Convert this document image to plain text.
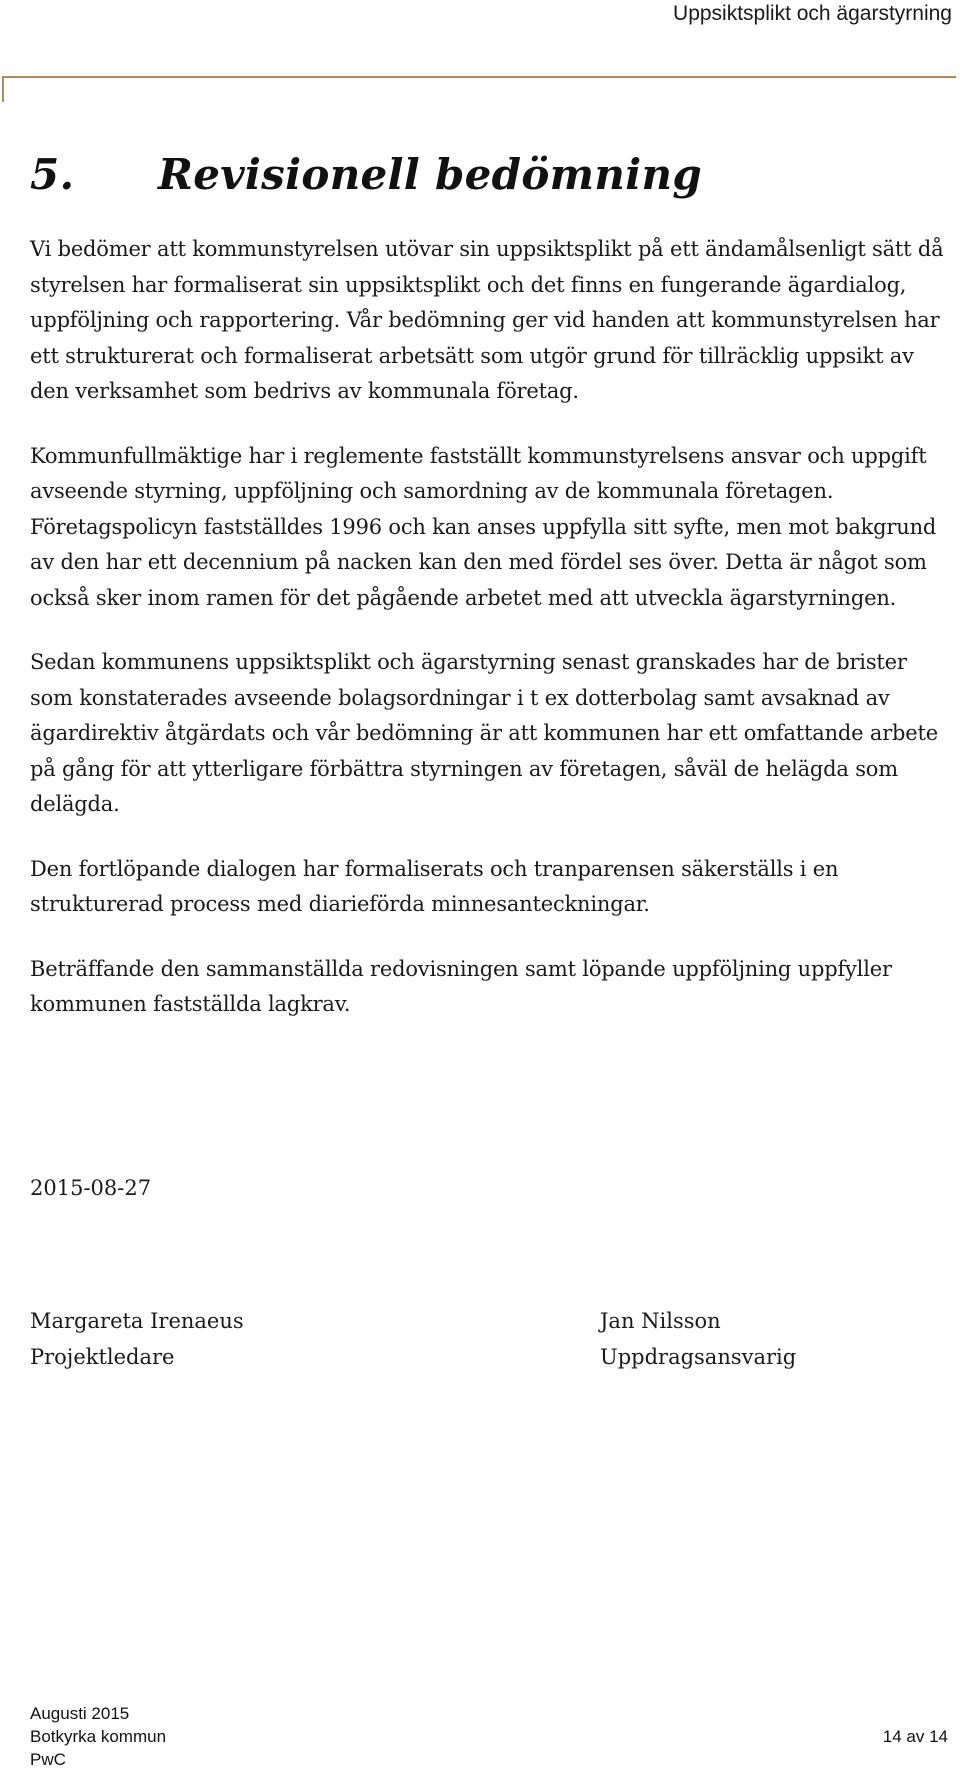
Uppsiktsplikt och ägarstyrning
5. Revisionell bedömning

Vi bedömer att kommunstyrelsen utövar sin uppsiktsplikt på ett ändamålsenligt sätt då styrelsen har formaliserat sin uppsiktsplikt och det finns en fungerande ägardialog, uppföljning och rapportering. Vår bedömning ger vid handen att kommunstyrelsen har ett strukturerat och formaliserat arbetsätt som utgör grund för tillräcklig uppsikt av den verksamhet som bedrivs av kommunala företag.

Kommunfullmäktige har i reglemente fastställt kommunstyrelsens ansvar och uppgift avseende styrning, uppföljning och samordning av de kommunala företagen. Företagspolicyn fastställdes 1996 och kan anses uppfylla sitt syfte, men mot bakgrund av den har ett decennium på nacken kan den med fördel ses över. Detta är något som också sker inom ramen för det pågående arbetet med att utveckla ägarstyrningen.

Sedan kommunens uppsiktsplikt och ägarstyrning senast granskades har de brister som konstaterades avseende bolagsordningar i t ex dotterbolag samt avsaknad av ägardirektiv åtgärdats och vår bedömning är att kommunen har ett omfattande arbete på gång för att ytterligare förbättra styrningen av företagen, såväl de helägda som delägda.

Den fortlöpande dialogen har formaliserats och tranparensen säkerställs i en strukturerad process med diarieförda minnesanteckningar.

Beträffande den sammanställda redovisningen samt löpande uppföljning uppfyller kommunen fastställda lagkrav.

2015-08-27
Margareta Irenaeus
Projektledare
Jan Nilsson
Uppdragsansvarig
Augusti 2015
Botkyrka kommun
PwC
14 av 14
